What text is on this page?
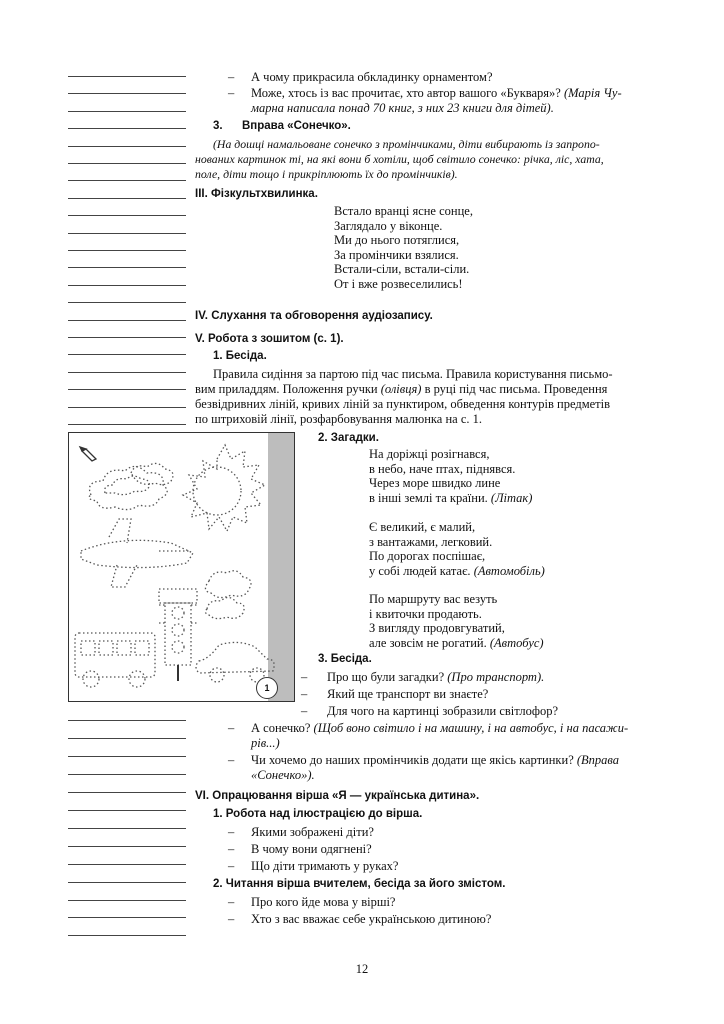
– А чому прикрасила обкладинку орнаментом?
– Може, хтось із вас прочитає, хто автор вашого «Букваря»? (Марія Чу-
марна написала понад 70 книг, з них 23 книги для дітей).
3. Вправа «Сонечко».
(На дошці намальоване сонечко з промінчиками, діти вибирають із запропо-
нованих картинок ті, на які вони б хотіли, щоб світило сонечко: річка, ліс, хата,
поле, діти тощо і прикріплюють їх до промінчиків).
ІІІ. Фізкультхвилинка.
Встало вранці ясне сонце,
Заглядало у віконце.
Ми до нього потяглися,
За промінчики взялися.
Встали-сіли, встали-сіли.
От і вже розвеселились!
IV. Слухання та обговорення аудіозапису.
V. Робота з зошитом (с. 1).
1. Бесіда.
Правила сидіння за партою під час письма. Правила користування письмо-
вим приладдям. Положення ручки (олівця) в руці під час письма. Проведення
безвідривних ліній, кривих ліній за пунктиром, обведення контурів предметів
по штриховій лінії, розфарбовування малюнка на с. 1.
1
2. Загадки.
На доріжці розігнався,
в небо, наче птах, піднявся.
Через море швидко лине
в інші землі та країни. (Літак)
Є великий, є малий,
з вантажами, легковий.
По дорогах поспішає,
у собі людей катає. (Автомобіль)
По маршруту вас везуть
і квиточки продають.
З вигляду продовгуватий,
але зовсім не рогатий. (Автобус)
3. Бесіда.
– Про що були загадки? (Про транспорт).
– Який ще транспорт ви знаєте?
– Для чого на картинці зобразили світлофор?
– А сонечко? (Щоб воно світило і на машину, і на автобус, і на пасажи-
рів...)
– Чи хочемо до наших промінчиків додати ще якісь картинки? (Вправа
«Сонечко»).
VI. Опрацювання вірша «Я — українська дитина».
1. Робота над ілюстрацією до вірша.
– Якими зображені діти?
– В чому вони одягнені?
– Що діти тримають у руках?
2. Читання вірша вчителем, бесіда за його змістом.
– Про кого йде мова у вірші?
– Хто з вас вважає себе українською дитиною?
12
